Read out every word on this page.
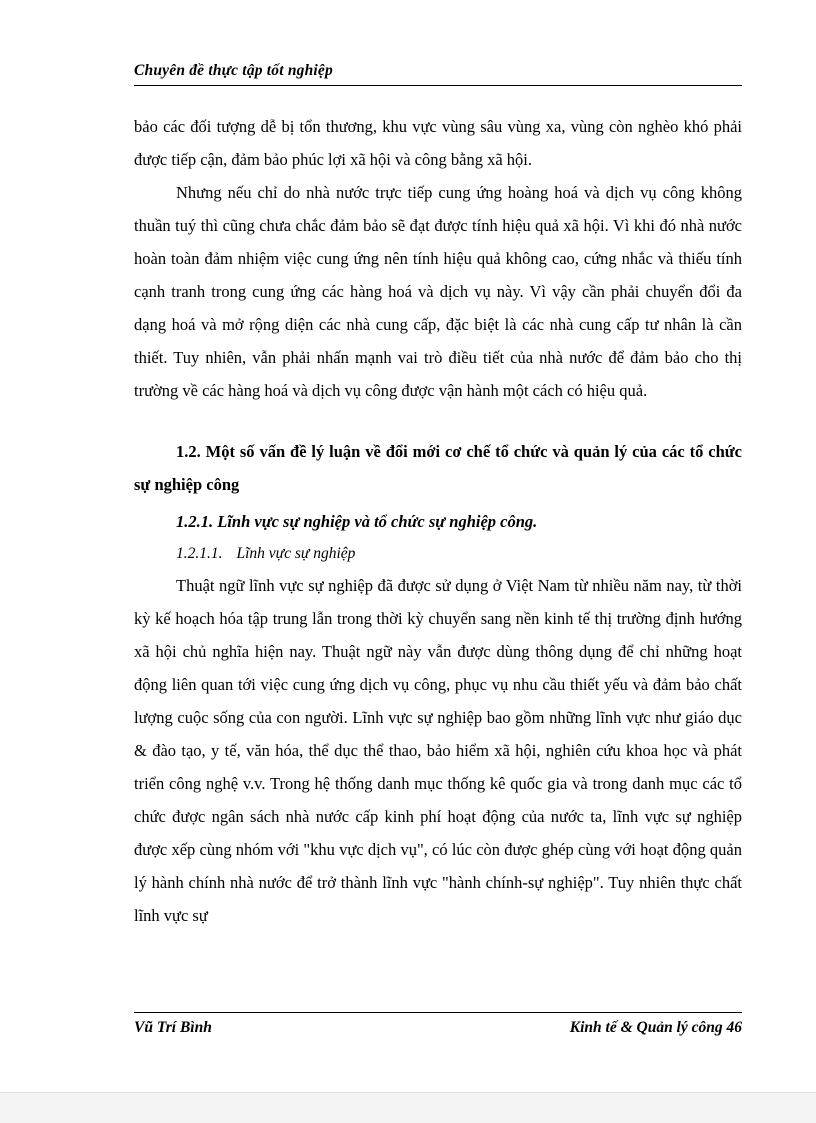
Chuyên đề thực tập tốt nghiệp

bảo các đối tượng dễ bị tổn thương, khu vực vùng sâu vùng xa, vùng còn nghèo khó phải được tiếp cận, đảm bảo phúc lợi xã hội và công bằng xã hội.

Nhưng nếu chỉ do nhà nước trực tiếp cung ứng hoàng hoá và dịch vụ công không thuần tuý thì cũng chưa chắc đảm bảo sẽ đạt được tính hiệu quả xã hội. Vì khi đó nhà nước hoàn toàn đảm nhiệm việc cung ứng nên tính hiệu quả không cao, cứng nhắc và thiếu tính cạnh tranh trong cung ứng các hàng hoá và dịch vụ này. Vì vậy cần phải chuyển đổi đa dạng hoá và mở rộng diện các nhà cung cấp, đặc biệt là các nhà cung cấp tư nhân là cần thiết. Tuy nhiên, vẫn phải nhấn mạnh vai trò điều tiết của nhà nước để đảm bảo cho thị trường về các hàng hoá và dịch vụ công được vận hành một cách có hiệu quả.

1.2. Một số vấn đề lý luận về đổi mới cơ chế tổ chức và quản lý của các tổ chức sự nghiệp công
1.2.1. Lĩnh vực sự nghiệp và tổ chức sự nghiệp công.
1.2.1.1. Lĩnh vực sự nghiệp

Thuật ngữ lĩnh vực sự nghiệp đã được sử dụng ở Việt Nam từ nhiều năm nay, từ thời kỳ kế hoạch hóa tập trung lẫn trong thời kỳ chuyển sang nền kinh tế thị trường định hướng xã hội chủ nghĩa hiện nay. Thuật ngữ này vẫn được dùng thông dụng để chỉ những hoạt động liên quan tới việc cung ứng dịch vụ công, phục vụ nhu cầu thiết yếu và đảm bảo chất lượng cuộc sống của con người. Lĩnh vực sự nghiệp bao gồm những lĩnh vực như giáo dục & đào tạo, y tế, văn hóa, thể dục thể thao, bảo hiểm xã hội, nghiên cứu khoa học và phát triển công nghệ v.v. Trong hệ thống danh mục thống kê quốc gia và trong danh mục các tổ chức được ngân sách nhà nước cấp kinh phí hoạt động của nước ta, lĩnh vực sự nghiệp được xếp cùng nhóm với "khu vực dịch vụ", có lúc còn được ghép cùng với hoạt động quản lý hành chính nhà nước để trở thành lĩnh vực "hành chính-sự nghiệp". Tuy nhiên thực chất lĩnh vực sự

Vũ Trí Bình	Kinh tế & Quản lý công 46
